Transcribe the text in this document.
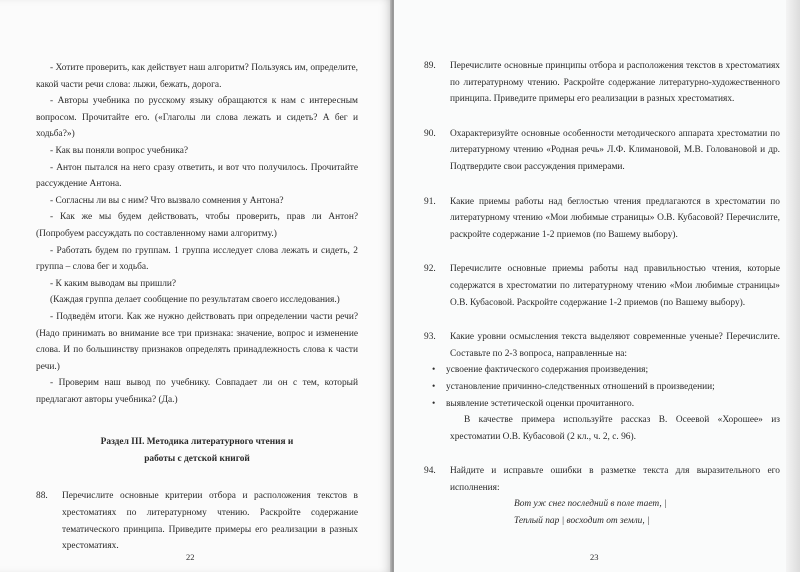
- Хотите проверить, как действует наш алгоритм? Пользуясь им, определите, какой части речи слова: лыжи, бежать, дорога.

- Авторы учебника по русскому языку обращаются к нам с интересным вопросом. Прочитайте его. («Глаголы ли слова лежать и сидеть? А бег и ходьба?»)

- Как вы поняли вопрос учебника?

- Антон пытался на него сразу ответить, и вот что получилось. Прочитайте рассуждение Антона.

- Согласны ли вы с ним? Что вызвало сомнения у Антона?

- Как же мы будем действовать, чтобы проверить, прав ли Антон? (Попробуем рассуждать по составленному нами алгоритму.)

- Работать будем по группам. 1 группа исследует слова лежать и сидеть, 2 группа – слова бег и ходьба.

- К каким выводам вы пришли?

(Каждая группа делает сообщение по результатам своего исследования.)

- Подведём итоги. Как же нужно действовать при определении части речи? (Надо принимать во внимание все три признака: значение, вопрос и изменение слова. И по большинству признаков определять принадлежность слова к части речи.)

- Проверим наш вывод по учебнику. Совпадает ли он с тем, который предлагают авторы учебника? (Да.)

Раздел III. Методика литературного чтения и
работы с детской книгой
88.	Перечислите основные критерии отбора и расположения текстов в хрестоматиях по литературному чтению. Раскройте содержание тематического принципа. Приведите примеры его реализации в разных хрестоматиях.
22
89.	Перечислите основные принципы отбора и расположения текстов в хрестоматиях по литературному чтению. Раскройте содержание литературно-художественного принципа. Приведите примеры его реализации в разных хрестоматиях.
90.	Охарактеризуйте основные особенности методического аппарата хрестоматии по литературному чтению «Родная речь» Л.Ф. Климановой, М.В. Головановой и др. Подтвердите свои рассуждения примерами.
91.	Какие приемы работы над беглостью чтения предлагаются в хрестоматии по литературному чтению «Мои любимые страницы» О.В. Кубасовой? Перечислите, раскройте содержание 1-2 приемов (по Вашему выбору).
92.	Перечислите основные приемы работы над правильностью чтения, которые содержатся в хрестоматии по литературному чтению «Мои любимые страницы» О.В. Кубасовой. Раскройте содержание 1-2 приемов (по Вашему выбору).
93.	Какие уровни осмысления текста выделяют современные ученые? Перечислите. Составьте по 2-3 вопроса, направленные на:
•	усвоение фактического содержания произведения;
•	установление причинно-следственных отношений в произведении;
•	выявление эстетической оценки прочитанного.

В качестве примера используйте рассказ В. Осеевой «Хорошее» из хрестоматии О.В. Кубасовой (2 кл., ч. 2, с. 96).

94.	Найдите и исправьте ошибки в разметке текста для выразительного его исполнения:
Вот уж снег последний в поле тает, |
Теплый пар | восходит от земли, |
23
